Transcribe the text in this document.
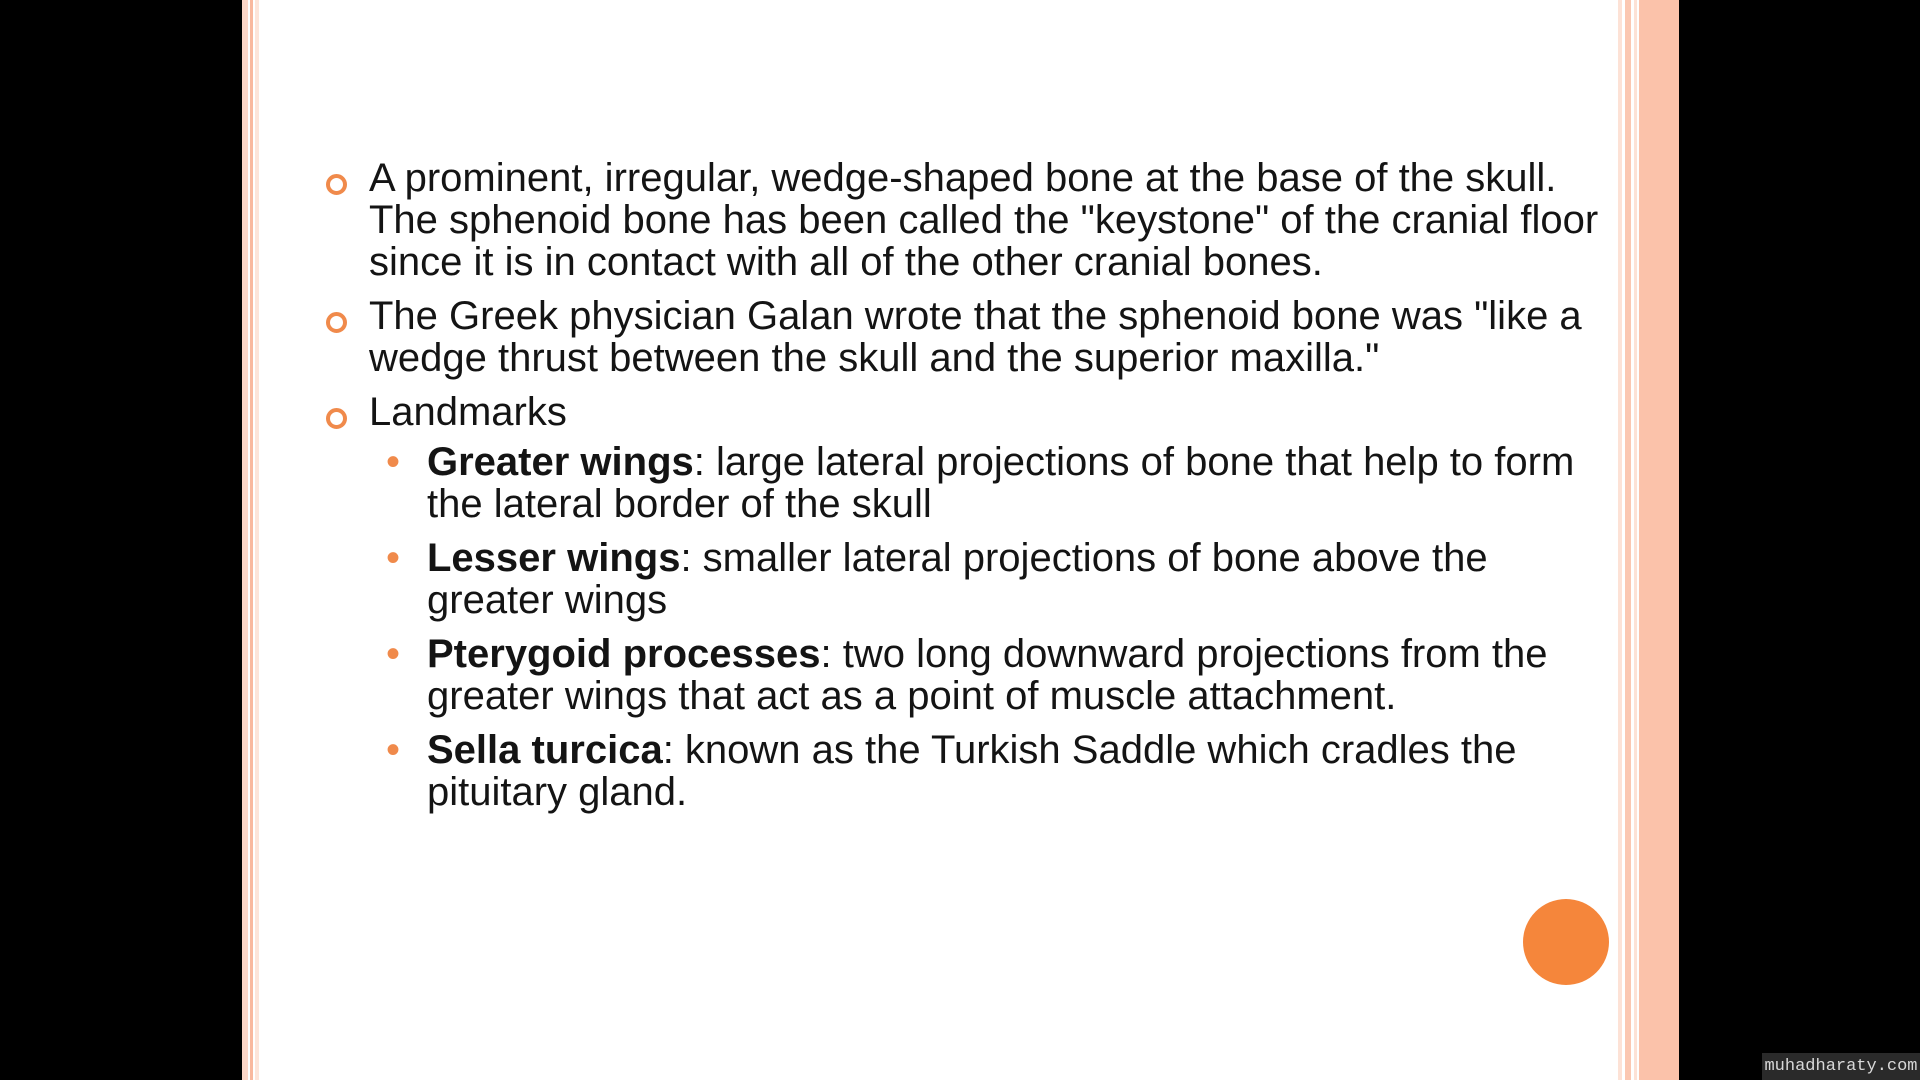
A prominent, irregular, wedge-shaped bone at the base of the skull. The sphenoid bone has been called the "keystone" of the cranial floor since it is in contact with all of the other cranial bones.
The Greek physician Galan wrote that the sphenoid bone was "like a wedge thrust between the skull and the superior maxilla."
Landmarks
• Greater wings: large lateral projections of bone that help to form the lateral border of the skull
• Lesser wings: smaller lateral projections of bone above the greater wings
• Pterygoid processes: two long downward projections from the greater wings that act as a point of muscle attachment.
• Sella turcica: known as the Turkish Saddle which cradles the pituitary gland.
muhadharaty.com
